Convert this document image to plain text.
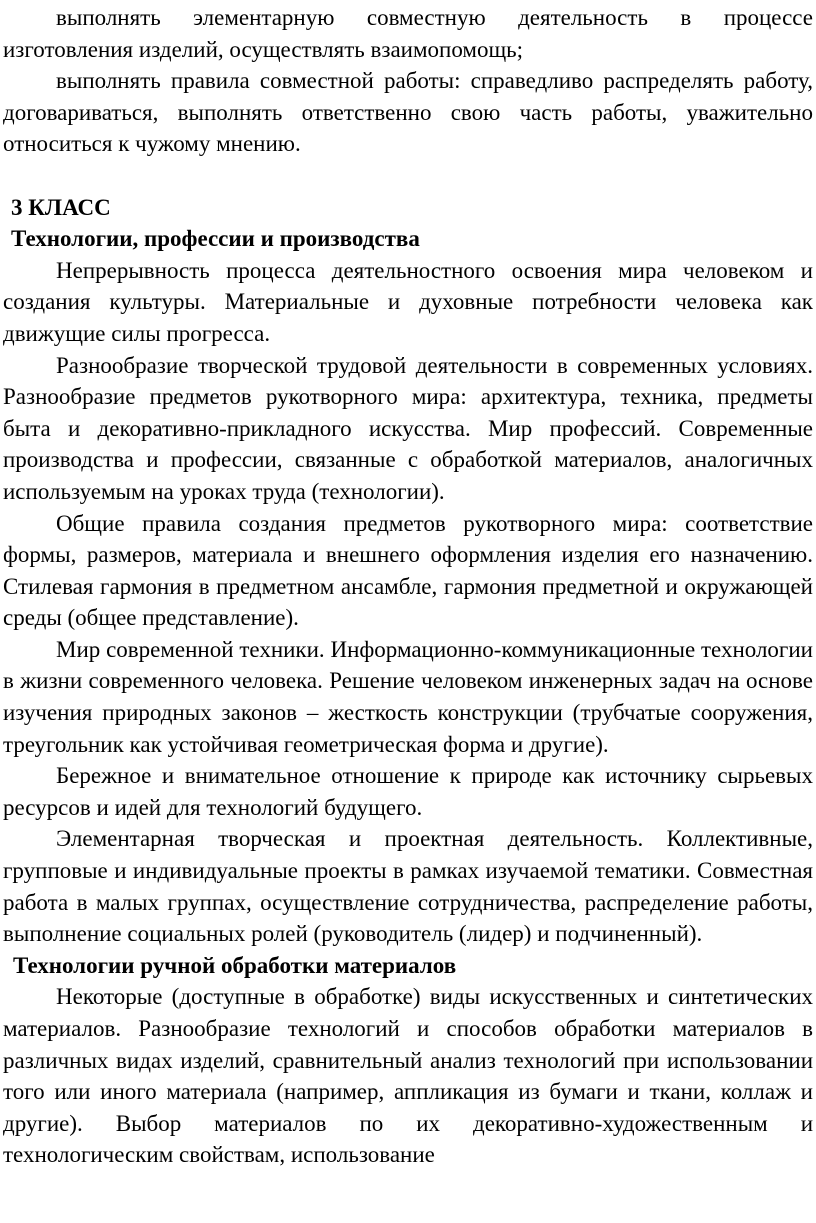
выполнять элементарную совместную деятельность в процессе изготовления изделий, осуществлять взаимопомощь;

выполнять правила совместной работы: справедливо распределять работу, договариваться, выполнять ответственно свою часть работы, уважительно относиться к чужому мнению.

3 КЛАСС

Технологии, профессии и производства

Непрерывность процесса деятельностного освоения мира человеком и создания культуры. Материальные и духовные потребности человека как движущие силы прогресса.

Разнообразие творческой трудовой деятельности в современных условиях. Разнообразие предметов рукотворного мира: архитектура, техника, предметы быта и декоративно-прикладного искусства. Мир профессий. Современные производства и профессии, связанные с обработкой материалов, аналогичных используемым на уроках труда (технологии).

Общие правила создания предметов рукотворного мира: соответствие формы, размеров, материала и внешнего оформления изделия его назначению. Стилевая гармония в предметном ансамбле, гармония предметной и окружающей среды (общее представление).

Мир современной техники. Информационно-коммуникационные технологии в жизни современного человека. Решение человеком инженерных задач на основе изучения природных законов – жесткость конструкции (трубчатые сооружения, треугольник как устойчивая геометрическая форма и другие).

Бережное и внимательное отношение к природе как источнику сырьевых ресурсов и идей для технологий будущего.

Элементарная творческая и проектная деятельность. Коллективные, групповые и индивидуальные проекты в рамках изучаемой тематики. Совместная работа в малых группах, осуществление сотрудничества, распределение работы, выполнение социальных ролей (руководитель (лидер) и подчиненный).

Технологии ручной обработки материалов

Некоторые (доступные в обработке) виды искусственных и синтетических материалов. Разнообразие технологий и способов обработки материалов в различных видах изделий, сравнительный анализ технологий при использовании того или иного материала (например, аппликация из бумаги и ткани, коллаж и другие). Выбор материалов по их декоративно-художественным и технологическим свойствам, использование
